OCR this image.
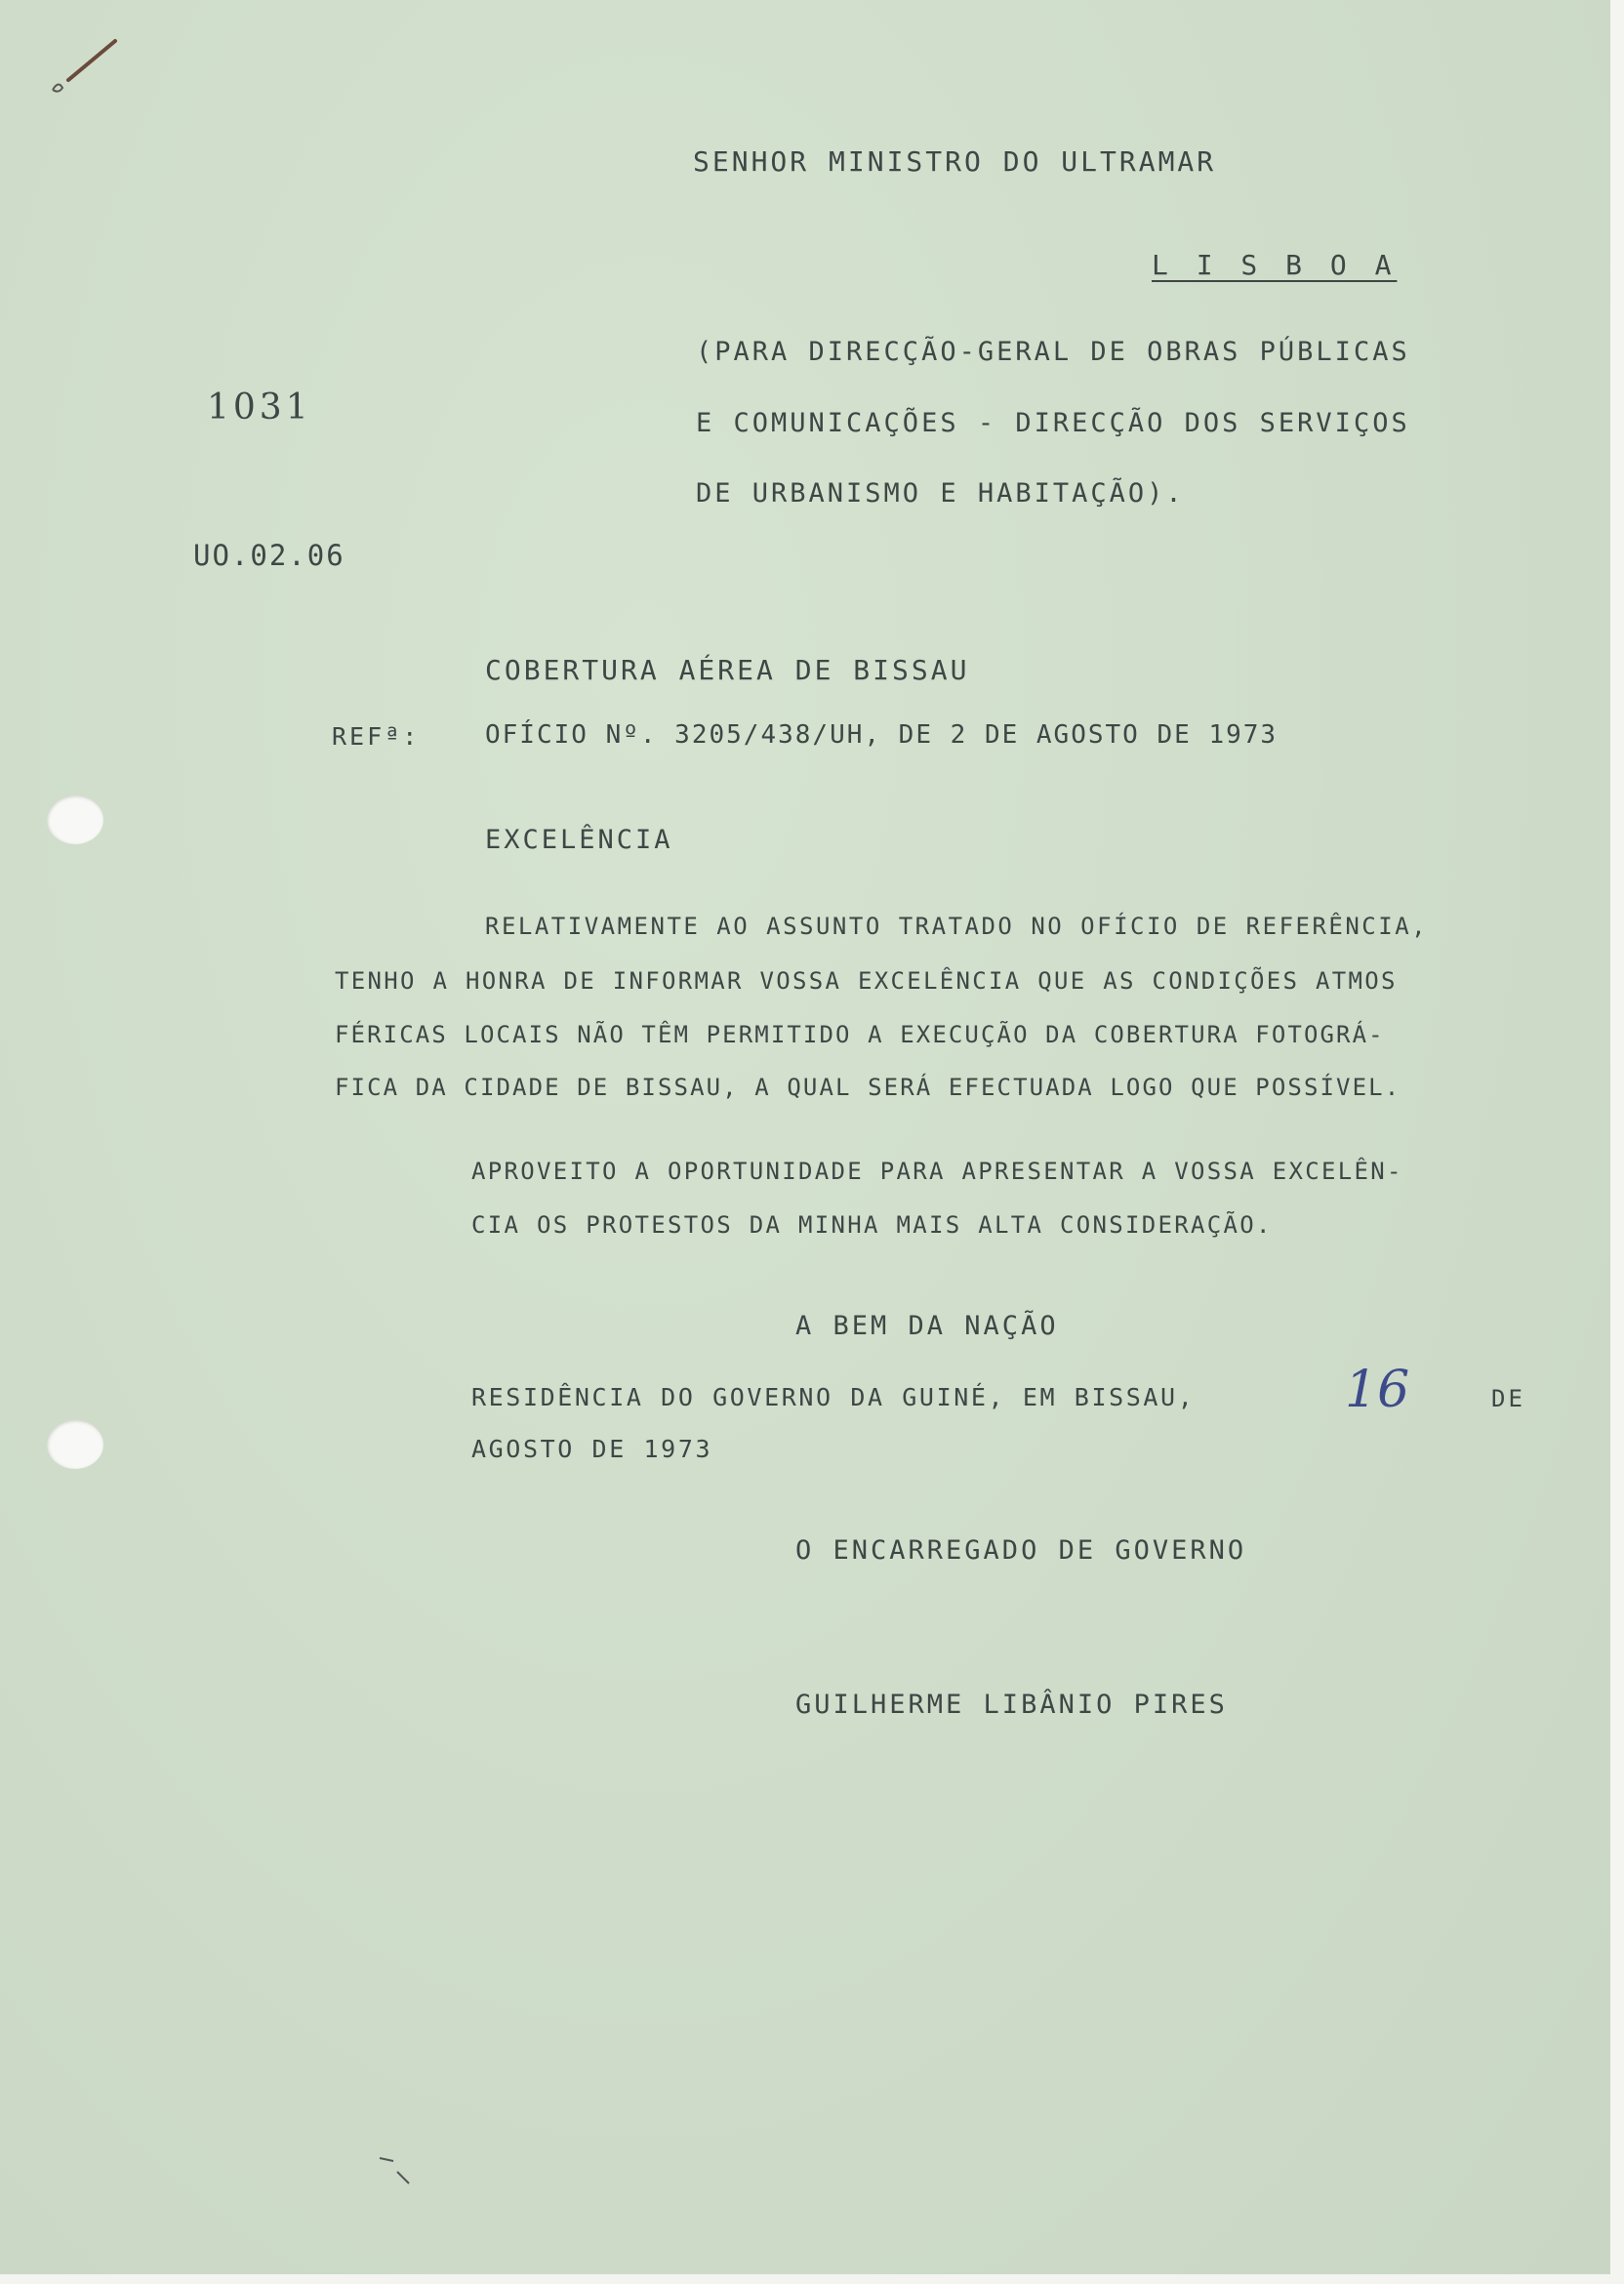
SENHOR MINISTRO DO ULTRAMAR

L I S B O A

(PARA DIRECÇÃO-GERAL DE OBRAS PÚBLICAS

E COMUNICAÇÕES - DIRECÇÃO DOS SERVIÇOS

DE URBANISMO E HABITAÇÃO).

1031

UO.02.06

COBERTURA AÉREA DE BISSAU

REFª:	OFÍCIO Nº. 3205/438/UH, DE 2 DE AGOSTO DE 1973

EXCELÊNCIA

RELATIVAMENTE AO ASSUNTO TRATADO NO OFÍCIO DE REFERÊNCIA,

TENHO A HONRA DE INFORMAR VOSSA EXCELÊNCIA QUE AS CONDIÇÕES ATMOS

FÉRICAS LOCAIS NÃO TÊM PERMITIDO A EXECUÇÃO DA COBERTURA FOTOGRÁ-

FICA DA CIDADE DE BISSAU, A QUAL SERÁ EFECTUADA LOGO QUE POSSÍVEL.

APROVEITO A OPORTUNIDADE PARA APRESENTAR A VOSSA EXCELÊN-

CIA OS PROTESTOS DA MINHA MAIS ALTA CONSIDERAÇÃO.

A BEM DA NAÇÃO

RESIDÊNCIA DO GOVERNO DA GUINÉ, EM BISSAU,	16	DE

AGOSTO DE 1973

O ENCARREGADO DE GOVERNO

GUILHERME LIBÂNIO PIRES
